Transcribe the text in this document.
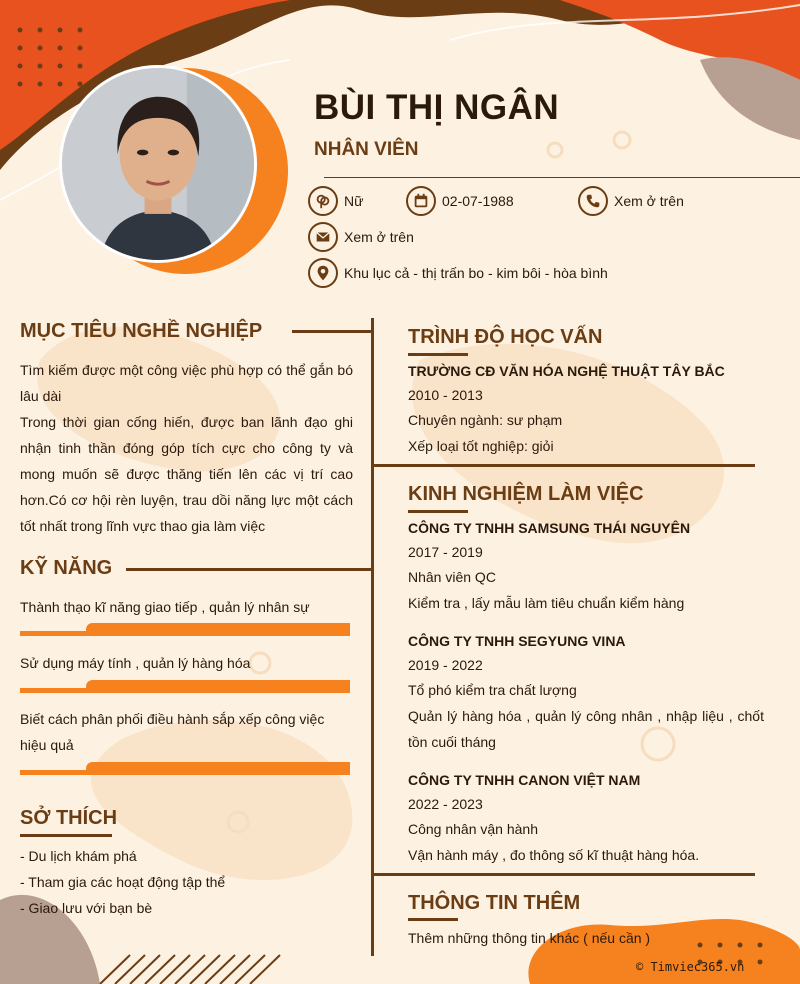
BÙI THỊ NGÂN
NHÂN VIÊN
Nữ	02-07-1988	Xem ở trên
Xem ở trên
Khu lục cả - thị trấn bo - kim bôi - hòa bình
MỤC TIÊU NGHỀ NGHIỆP
Tìm kiếm được một công việc phù hợp có thể gắn bó lâu dài
Trong thời gian cống hiến, được ban lãnh đạo ghi nhận tinh thần đóng góp tích cực cho công ty và mong muốn sẽ được thăng tiến lên các vị trí cao hơn.Có cơ hội rèn luyện, trau dồi năng lực một cách tốt nhất trong lĩnh vực thao gia làm việc
KỸ NĂNG
Thành thạo kĩ năng giao tiếp , quản lý nhân sự
Sử dụng máy tính , quản lý hàng hóa
Biết cách phân phối điều hành sắp xếp công việc hiệu quả
SỞ THÍCH
- Du lịch khám phá
- Tham gia các hoạt động tập thể
- Giao lưu với bạn bè
TRÌNH ĐỘ HỌC VẤN
TRƯỜNG CĐ VĂN HÓA NGHỆ THUẬT TÂY BẮC
2010 - 2013
Chuyên ngành: sư phạm
Xếp loại tốt nghiệp: giỏi
KINH NGHIỆM LÀM VIỆC
CÔNG TY TNHH SAMSUNG THÁI NGUYÊN
2017 - 2019
Nhân viên QC
Kiểm tra , lấy mẫu làm tiêu chuẩn kiểm hàng
CÔNG TY TNHH SEGYUNG VINA
2019 - 2022
Tổ phó kiểm tra chất lượng
Quản lý hàng hóa , quản lý công nhân , nhập liệu , chốt tồn cuối tháng
CÔNG TY TNHH CANON VIỆT NAM
2022 - 2023
Công nhân vận hành
Vận hành máy , đo thông số kĩ thuật hàng hóa.
THÔNG TIN THÊM
Thêm những thông tin khác ( nếu cần )
© Timviec365.vn
